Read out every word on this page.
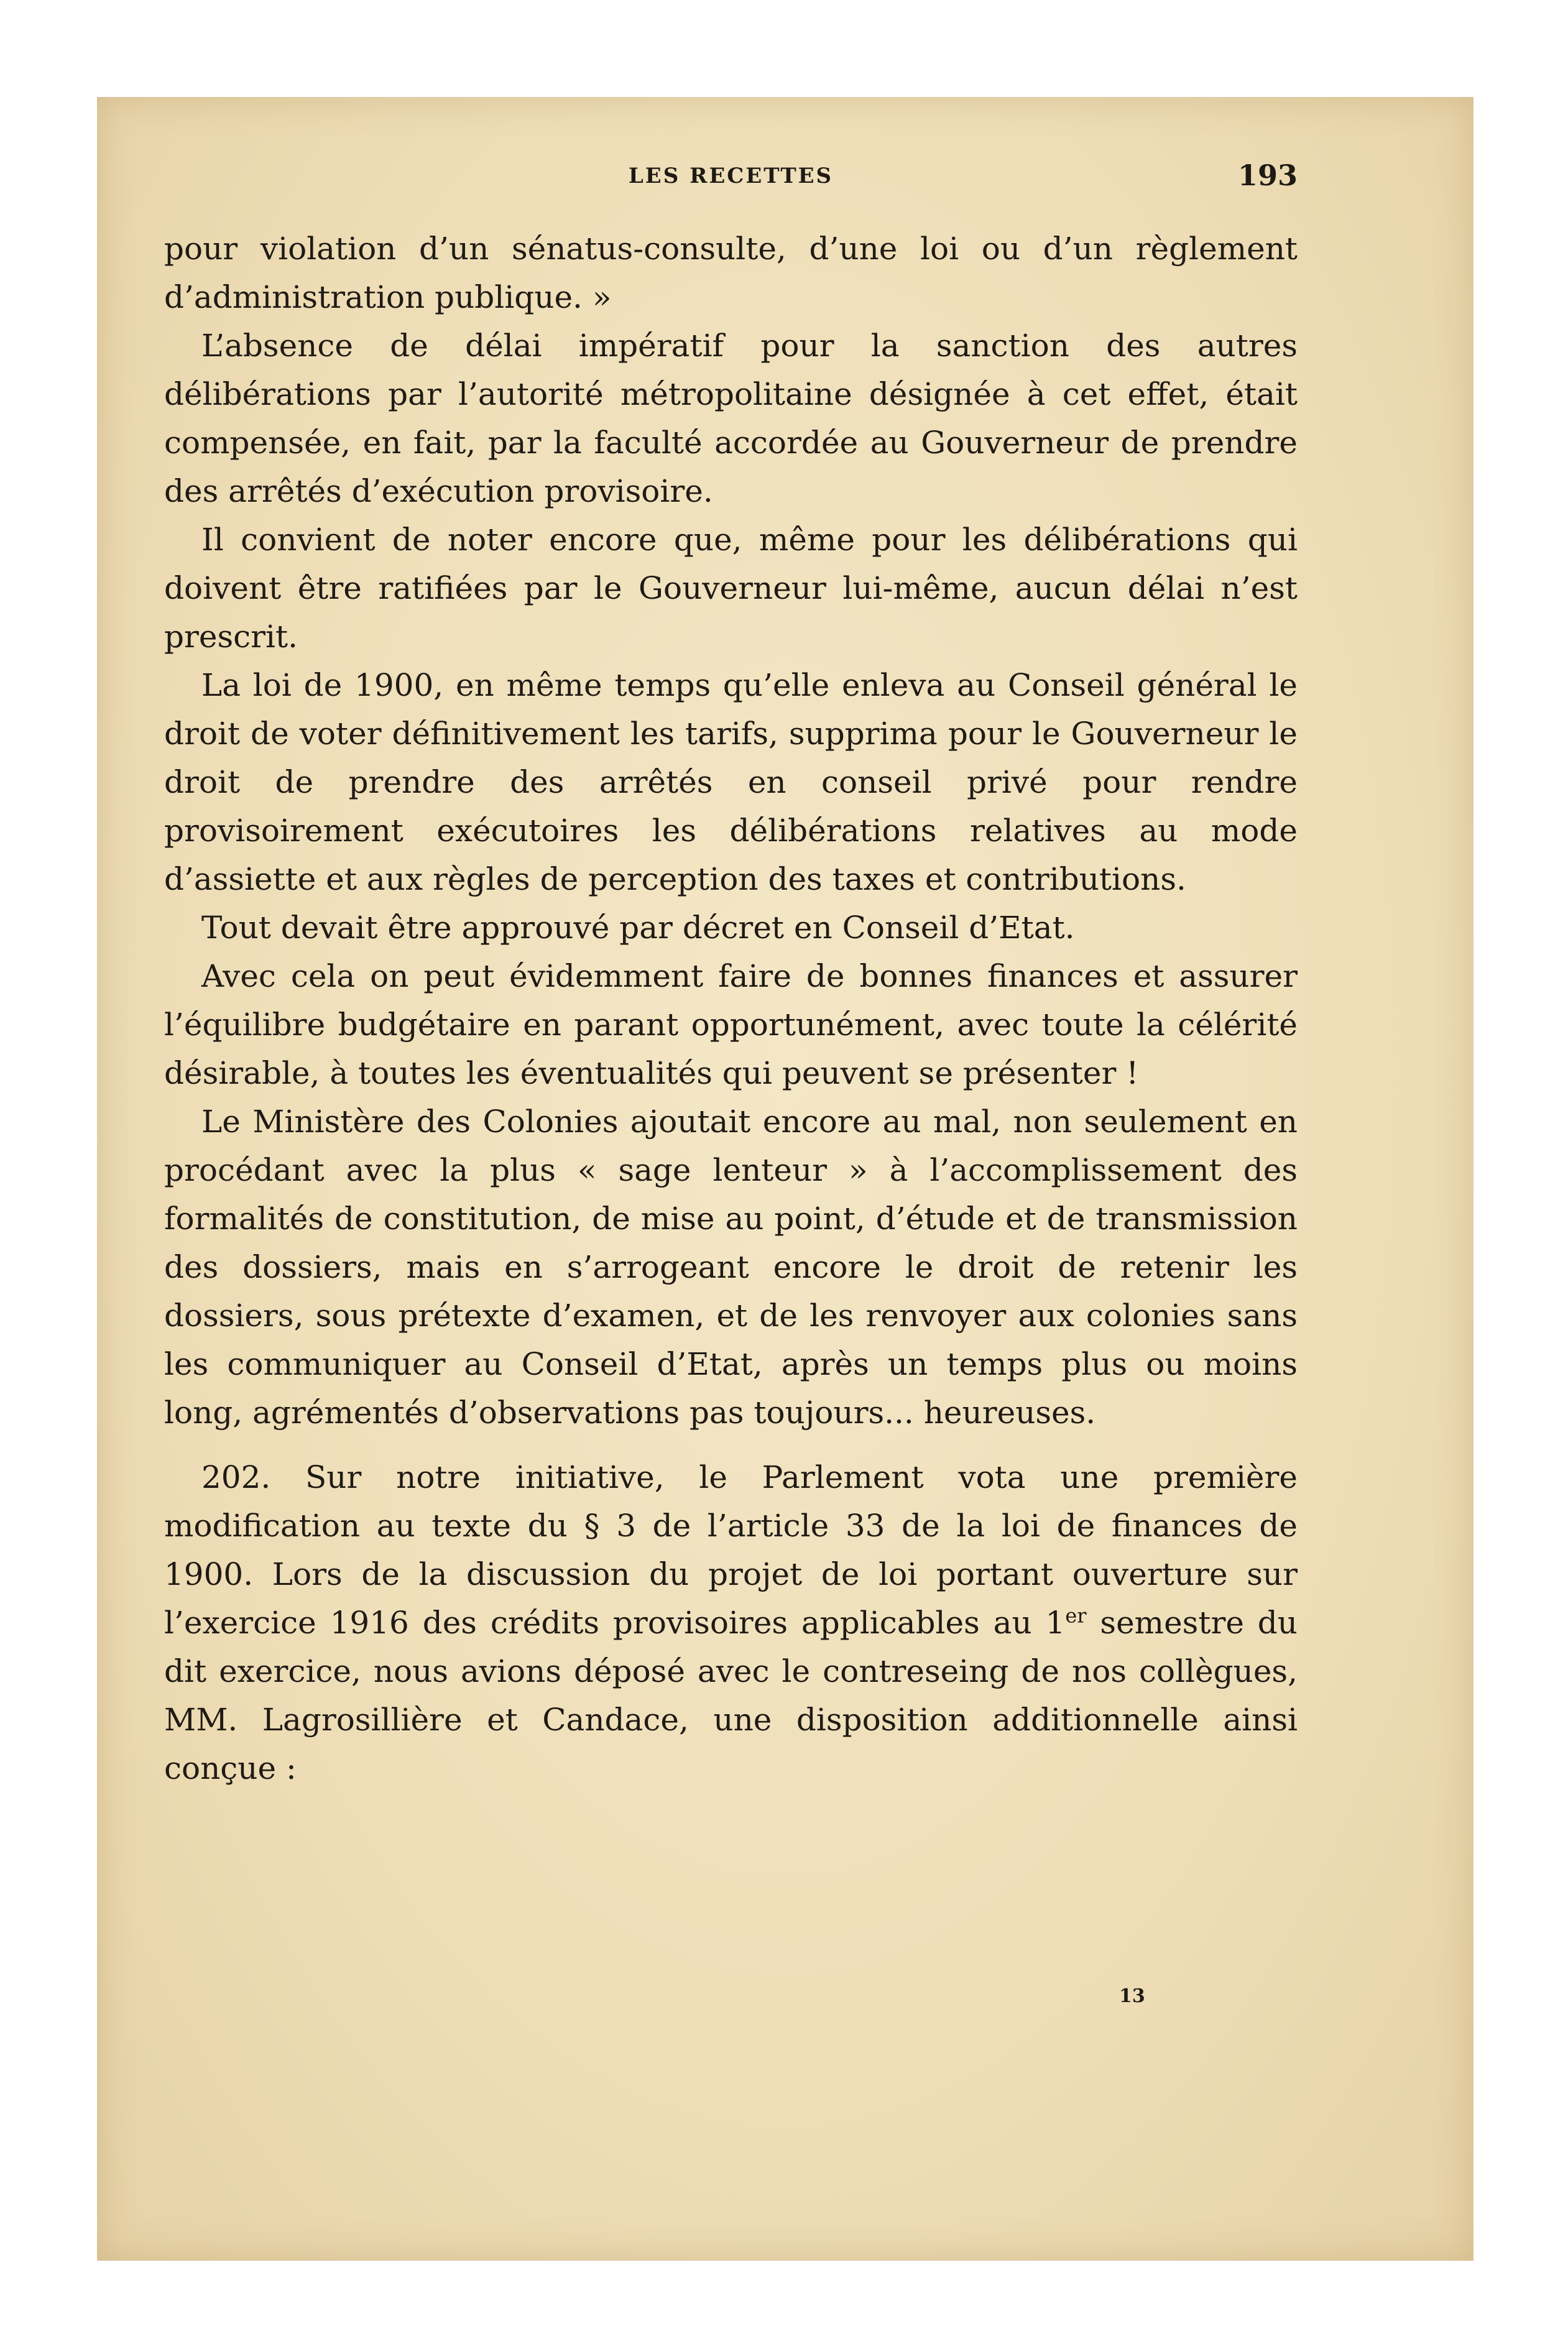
LES RECETTES	193

pour violation d’un sénatus-consulte, d’une loi ou d’un règlement d’administration publique. »

L’absence de délai impératif pour la sanction des autres délibérations par l’autorité métropolitaine désignée à cet effet, était compensée, en fait, par la faculté accordée au Gouverneur de prendre des arrêtés d’exécution provisoire.

Il convient de noter encore que, même pour les délibérations qui doivent être ratifiées par le Gouverneur lui-même, aucun délai n’est prescrit.

La loi de 1900, en même temps qu’elle enleva au Conseil général le droit de voter définitivement les tarifs, supprima pour le Gouverneur le droit de prendre des arrêtés en conseil privé pour rendre provisoirement exécutoires les délibérations relatives au mode d’assiette et aux règles de perception des taxes et contributions.

Tout devait être approuvé par décret en Conseil d’Etat.

Avec cela on peut évidemment faire de bonnes finances et assurer l’équilibre budgétaire en parant opportunément, avec toute la célérité désirable, à toutes les éventualités qui peuvent se présenter !

Le Ministère des Colonies ajoutait encore au mal, non seulement en procédant avec la plus « sage lenteur » à l’accomplissement des formalités de constitution, de mise au point, d’étude et de transmission des dossiers, mais en s’arrogeant encore le droit de retenir les dossiers, sous prétexte d’examen, et de les renvoyer aux colonies sans les communiquer au Conseil d’Etat, après un temps plus ou moins long, agrémentés d’observations pas toujours... heureuses.

202. Sur notre initiative, le Parlement vota une première modification au texte du § 3 de l’article 33 de la loi de finances de 1900. Lors de la discussion du projet de loi portant ouverture sur l’exercice 1916 des crédits provisoires applicables au 1er semestre du dit exercice, nous avions déposé avec le contreseing de nos collègues, MM. Lagrosillière et Candace, une disposition additionnelle ainsi conçue :

13
